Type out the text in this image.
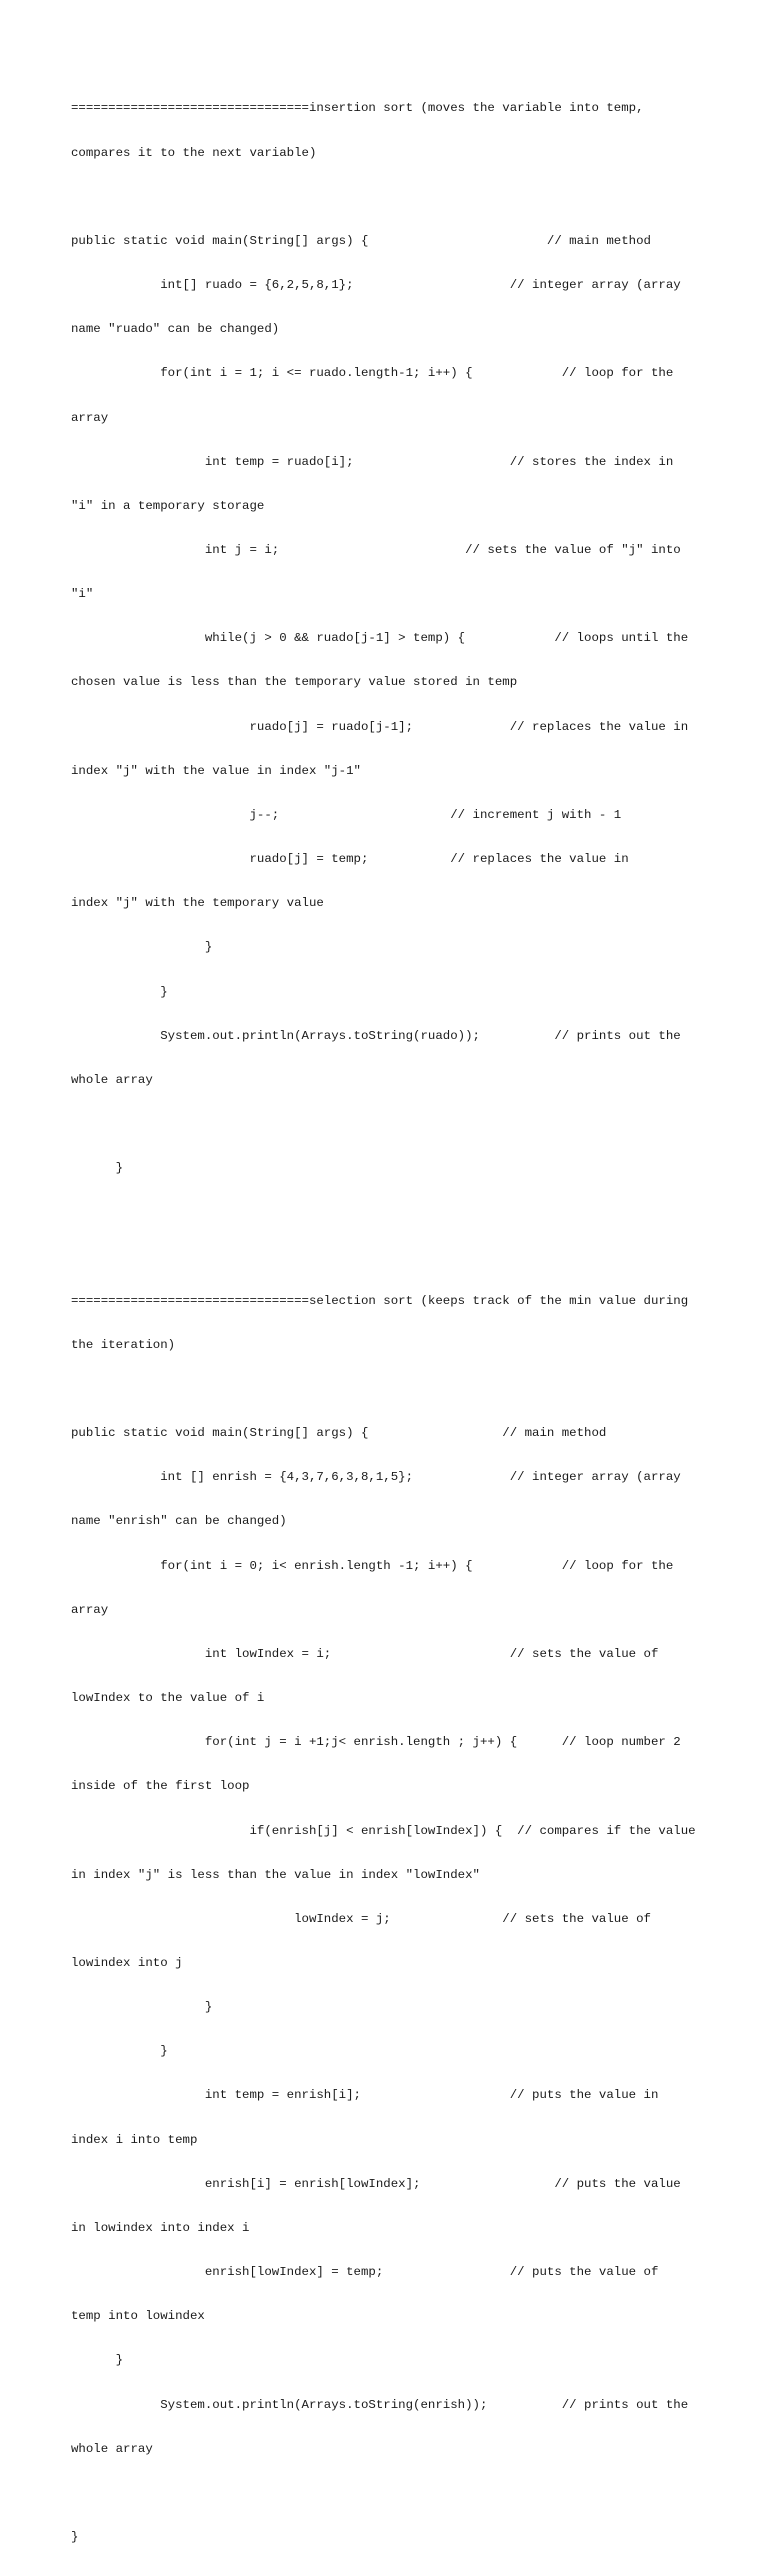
================================insertion sort (moves the variable into temp,

compares it to the next variable)

public static void main(String[] args) {                        // main method

int[] ruado = {6,2,5,8,1};                     // integer array (array

name "ruado" can be changed)

for(int i = 1; i <= ruado.length-1; i++) {            // loop for the

array

int temp = ruado[i];                     // stores the index in

"i" in a temporary storage

int j = i;                         // sets the value of "j" into

"i"

while(j > 0 && ruado[j-1] > temp) {            // loops until the

chosen value is less than the temporary value stored in temp

ruado[j] = ruado[j-1];             // replaces the value in

index "j" with the value in index "j-1"

j--;                       // increment j with - 1

ruado[j] = temp;           // replaces the value in

index "j" with the temporary value

}

}

System.out.println(Arrays.toString(ruado));          // prints out the

whole array

}

================================selection sort (keeps track of the min value during

the iteration)

public static void main(String[] args) {                  // main method

int [] enrish = {4,3,7,6,3,8,1,5};             // integer array (array

name "enrish" can be changed)

for(int i = 0; i< enrish.length -1; i++) {            // loop for the

array

int lowIndex = i;                        // sets the value of

lowIndex to the value of i

for(int j = i +1;j< enrish.length ; j++) {      // loop number 2

inside of the first loop

if(enrish[j] < enrish[lowIndex]) {  // compares if the value

in index "j" is less than the value in index "lowIndex"

lowIndex = j;               // sets the value of

lowindex into j

}

}

int temp = enrish[i];                    // puts the value in

index i into temp

enrish[i] = enrish[lowIndex];                  // puts the value

in lowindex into index i

enrish[lowIndex] = temp;                 // puts the value of

temp into lowindex

}

System.out.println(Arrays.toString(enrish));          // prints out the

whole array

}
